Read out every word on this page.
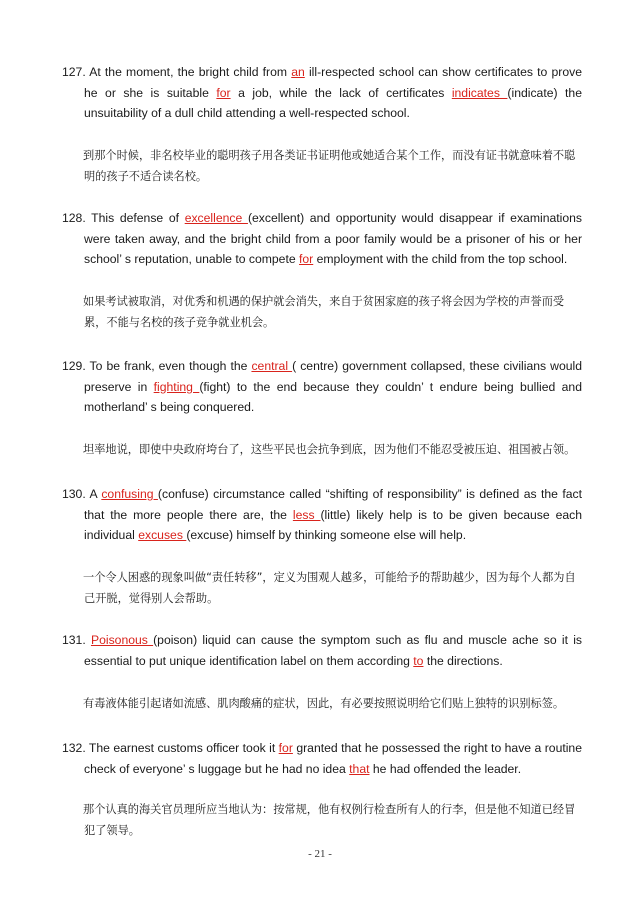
127. At the moment, the bright child from an ill-respected school can show certificates to prove he or she is suitable for a job, while the lack of certificates indicates (indicate) the unsuitability of a dull child attending a well-respected school.

到那个时候，非名校毕业的聪明孩子用各类证书证明他或她适合某个工作，而没有证书就意味着不聪明的孩子不适合读名校。

128. This defense of excellence (excellent) and opportunity would disappear if examinations were taken away, and the bright child from a poor family would be a prisoner of his or her school’ s reputation, unable to compete for employment with the child from the top school.

如果考试被取消，对优秀和机遇的保护就会消失，来自于贫困家庭的孩子将会因为学校的声誉而受累，不能与名校的孩子竞争就业机会。

129. To be frank, even though the central ( centre) government collapsed, these civilians would preserve in fighting (fight) to the end because they couldn’ t endure being bullied and motherland’ s being conquered.

坦率地说，即使中央政府垮台了，这些平民也会抗争到底，因为他们不能忍受被压迫、祖国被占领。

130. A confusing (confuse) circumstance called “shifting of responsibility” is defined as the fact that the more people there are, the less (little) likely help is to be given because each individual excuses (excuse) himself by thinking someone else will help.

一个令人困惑的现象叫做“责任转移”，定义为围观人越多，可能给予的帮助越少，因为每个人都为自己开脱，觉得别人会帮助。

131. Poisonous (poison) liquid can cause the symptom such as flu and muscle ache so it is essential to put unique identification label on them according to the directions.

有毒液体能引起诸如流感、肌肉酸痛的症状，因此，有必要按照说明给它们贴上独特的识别标签。

132. The earnest customs officer took it for granted that he possessed the right to have a routine check of everyone’ s luggage but he had no idea that he had offended the leader.

那个认真的海关官员理所应当地认为：按常规，他有权例行检查所有人的行李，但是他不知道已经冒犯了领导。

- 21 -
